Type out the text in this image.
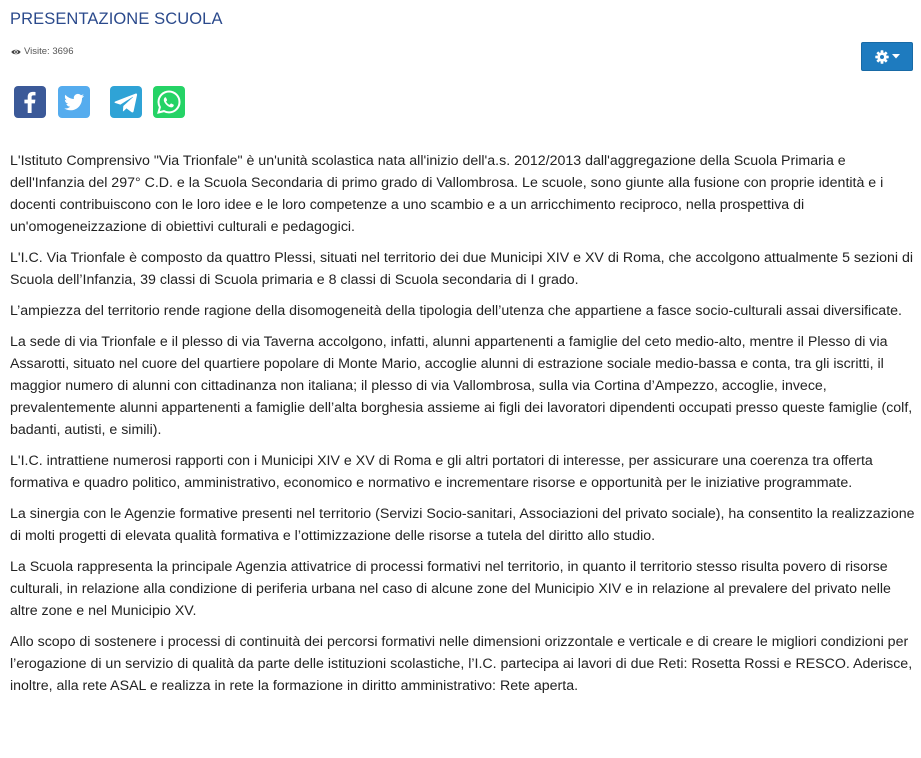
PRESENTAZIONE SCUOLA
Visite: 3696

L'Istituto Comprensivo "Via Trionfale" è un'unità scolastica nata all'inizio dell'a.s. 2012/2013 dall'aggregazione della Scuola Primaria e dell'Infanzia del 297° C.D. e la Scuola Secondaria di primo grado di Vallombrosa. Le scuole, sono giunte alla fusione con proprie identità e i docenti contribuiscono con le loro idee e le loro competenze a uno scambio e a un arricchimento reciproco, nella prospettiva di un'omogeneizzazione di obiettivi culturali e pedagogici.

L'I.C. Via Trionfale è composto da quattro Plessi, situati nel territorio dei due Municipi XIV e XV di Roma, che accolgono attualmente 5 sezioni di Scuola dell’Infanzia, 39 classi di Scuola primaria e 8 classi di Scuola secondaria di I grado.

L’ampiezza del territorio rende ragione della disomogeneità della tipologia dell’utenza che appartiene a fasce socio-culturali assai diversificate.

La sede di via Trionfale e il plesso di via Taverna accolgono, infatti, alunni appartenenti a famiglie del ceto medio-alto, mentre il Plesso di via Assarotti, situato nel cuore del quartiere popolare di Monte Mario, accoglie alunni di estrazione sociale medio-bassa e conta, tra gli iscritti, il maggior numero di alunni con cittadinanza non italiana; il plesso di via Vallombrosa, sulla via Cortina d’Ampezzo, accoglie, invece, prevalentemente alunni appartenenti a famiglie dell’alta borghesia assieme ai figli dei lavoratori dipendenti occupati presso queste famiglie (colf, badanti, autisti, e simili).

L'I.C. intrattiene numerosi rapporti con i Municipi XIV e XV di Roma e gli altri portatori di interesse, per assicurare una coerenza tra offerta formativa e quadro politico, amministrativo, economico e normativo e incrementare risorse e opportunità per le iniziative programmate.

La sinergia con le Agenzie formative presenti nel territorio (Servizi Socio-sanitari, Associazioni del privato sociale), ha consentito la realizzazione di molti progetti di elevata qualità formativa e l’ottimizzazione delle risorse a tutela del diritto allo studio.

La Scuola rappresenta la principale Agenzia attivatrice di processi formativi nel territorio, in quanto il territorio stesso risulta povero di risorse culturali, in relazione alla condizione di periferia urbana nel caso di alcune zone del Municipio XIV e in relazione al prevalere del privato nelle altre zone e nel Municipio XV.

Allo scopo di sostenere i processi di continuità dei percorsi formativi nelle dimensioni orizzontale e verticale e di creare le migliori condizioni per l’erogazione di un servizio di qualità da parte delle istituzioni scolastiche, l’I.C. partecipa ai lavori di due Reti: Rosetta Rossi e RESCO. Aderisce, inoltre, alla rete ASAL e realizza in rete la formazione in diritto amministrativo: Rete aperta.
